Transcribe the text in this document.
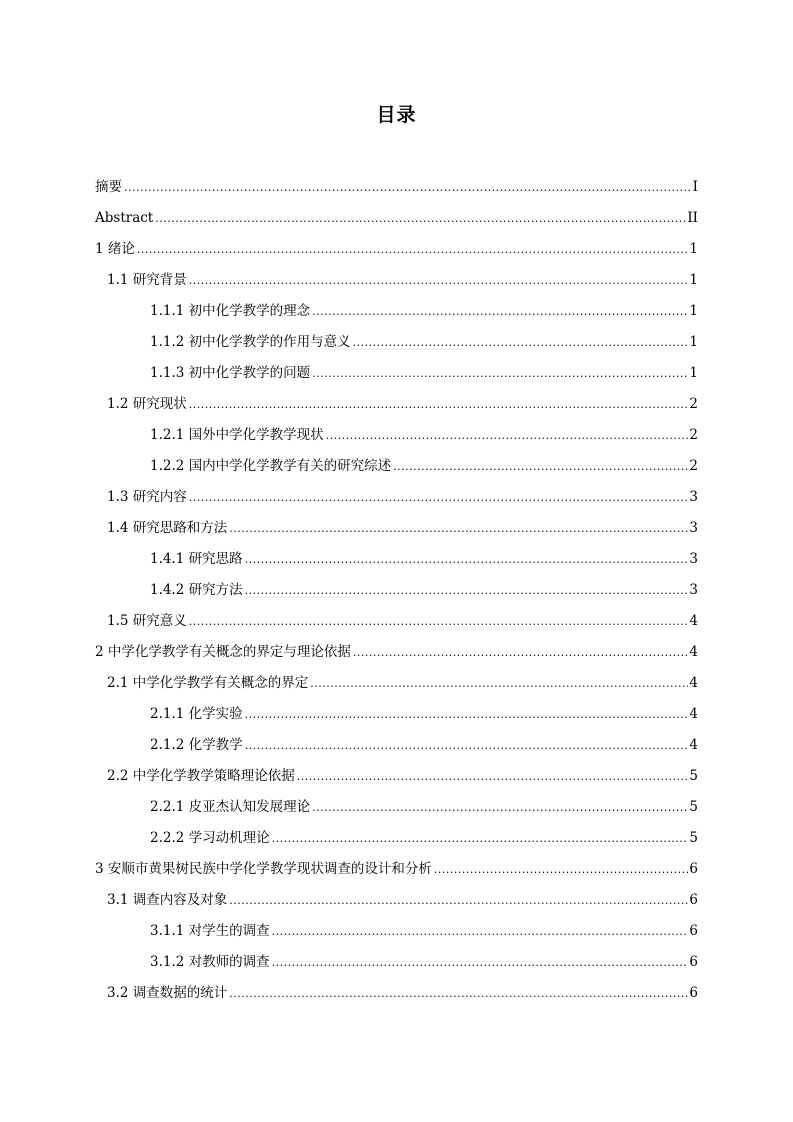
目录
摘要 .....	I
Abstract .....	II
1 绪论 .....	1
1.1 研究背景 .....	1
1.1.1 初中化学教学的理念 .....	1
1.1.2 初中化学教学的作用与意义 .....	1
1.1.3 初中化学教学的问题 .....	1
1.2 研究现状 .....	2
1.2.1 国外中学化学教学现状 .....	2
1.2.2 国内中学化学教学有关的研究综述 .....	2
1.3 研究内容 .....	3
1.4 研究思路和方法 .....	3
1.4.1 研究思路 .....	3
1.4.2 研究方法 .....	3
1.5 研究意义 .....	4
2 中学化学教学有关概念的界定与理论依据 .....	4
2.1 中学化学教学有关概念的界定 .....	4
2.1.1 化学实验 .....	4
2.1.2 化学教学 .....	4
2.2 中学化学教学策略理论依据 .....	5
2.2.1 皮亚杰认知发展理论 .....	5
2.2.2 学习动机理论 .....	5
3 安顺市黄果树民族中学化学教学现状调查的设计和分析 .....	6
3.1 调查内容及对象 .....	6
3.1.1 对学生的调查 .....	6
3.1.2 对教师的调查 .....	6
3.2 调查数据的统计 .....	6
